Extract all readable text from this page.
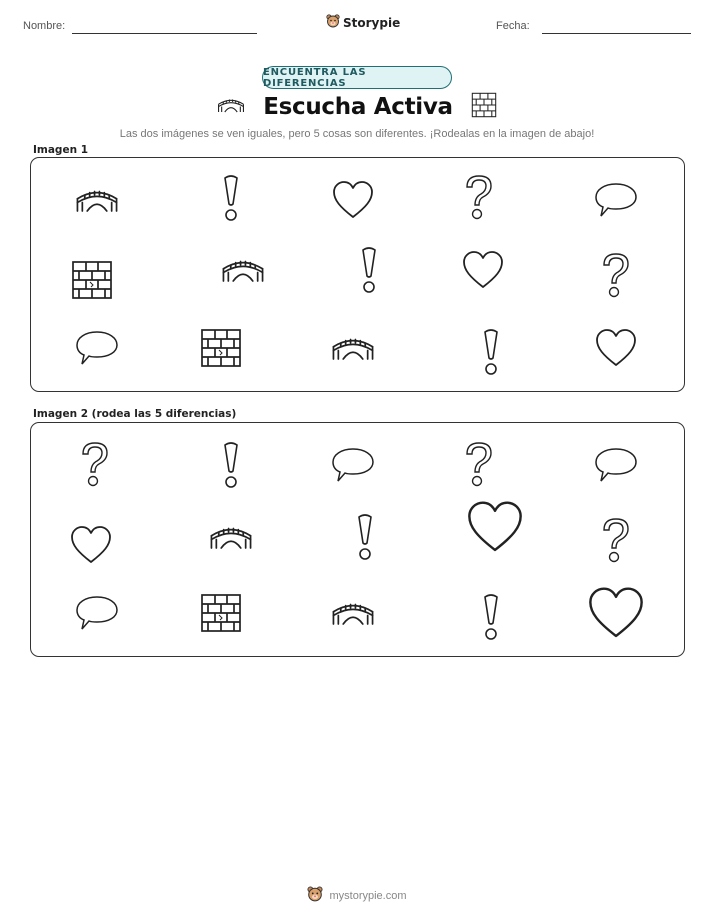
Nombre:	Storypie	Fecha:
ENCUENTRA LAS DIFERENCIAS
Escucha Activa
Las dos imágenes se ven iguales, pero 5 cosas son diferentes. ¡Rodealas en la imagen de abajo!
Imagen 1
Imagen 2 (rodea las 5 diferencias)
mystorypie.com
